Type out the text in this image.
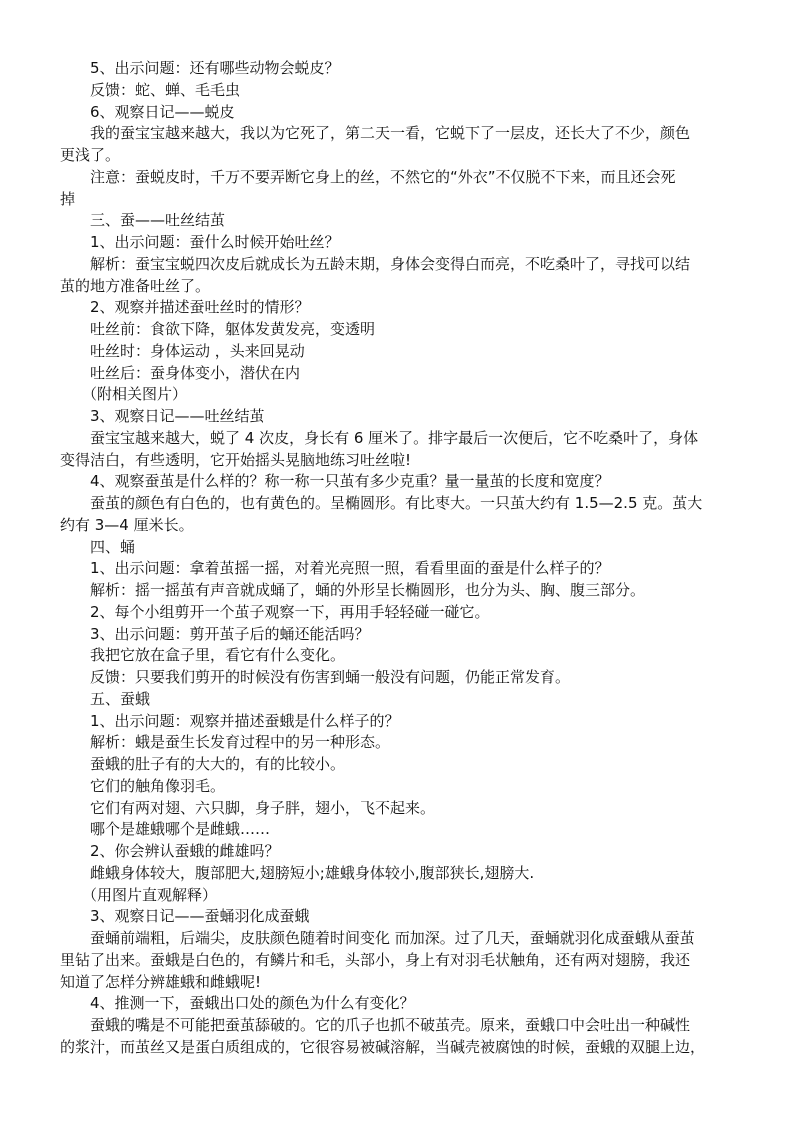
5、出示问题：还有哪些动物会蜕皮？
反馈：蛇、蝉、毛毛虫
6、观察日记——蜕皮
我的蚕宝宝越来越大，我以为它死了，第二天一看，它蜕下了一层皮，还长大了不少，颜色
更浅了。
注意：蚕蜕皮时，千万不要弄断它身上的丝，不然它的“外衣”不仅脱不下来，而且还会死
掉
三、蚕——吐丝结茧
1、出示问题：蚕什么时候开始吐丝？
解析：蚕宝宝蜕四次皮后就成长为五龄末期，身体会变得白而亮，不吃桑叶了，寻找可以结
茧的地方准备吐丝了。
2、观察并描述蚕吐丝时的情形？
吐丝前：食欲下降，躯体发黄发亮，变透明
吐丝时：身体运动 ，头来回晃动
吐丝后：蚕身体变小，潜伏在内
（附相关图片）
3、观察日记——吐丝结茧
蚕宝宝越来越大，蜕了 4 次皮，身长有 6 厘米了。排字最后一次便后，它不吃桑叶了，身体
变得洁白，有些透明，它开始摇头晃脑地练习吐丝啦!
4、观察蚕茧是什么样的？称一称一只茧有多少克重？量一量茧的长度和宽度？
蚕茧的颜色有白色的，也有黄色的。呈椭圆形。有比枣大。一只茧大约有 1.5—2.5 克。茧大
约有 3—4 厘米长。
四、蛹
1、出示问题：拿着茧摇一摇，对着光亮照一照，看看里面的蚕是什么样子的？
解析：摇一摇茧有声音就成蛹了，蛹的外形呈长椭圆形，也分为头、胸、腹三部分。
2、每个小组剪开一个茧子观察一下，再用手轻轻碰一碰它。
3、出示问题：剪开茧子后的蛹还能活吗？
我把它放在盒子里，看它有什么变化。
反馈：只要我们剪开的时候没有伤害到蛹一般没有问题，仍能正常发育。
五、蚕蛾
1、出示问题：观察并描述蚕蛾是什么样子的？
解析：蛾是蚕生长发育过程中的另一种形态。
蚕蛾的肚子有的大大的，有的比较小。
它们的触角像羽毛。
它们有两对翅、六只脚，身子胖，翅小，飞不起来。
哪个是雄蛾哪个是雌蛾……
2、你会辨认蚕蛾的雌雄吗？
雌蛾身体较大，腹部肥大,翅膀短小;雄蛾身体较小,腹部狭长,翅膀大.
（用图片直观解释）
3、观察日记——蚕蛹羽化成蚕蛾
蚕蛹前端粗，后端尖，皮肤颜色随着时间变化 而加深。过了几天，蚕蛹就羽化成蚕蛾从蚕茧
里钻了出来。蚕蛾是白色的，有鳞片和毛，头部小，身上有对羽毛状触角，还有两对翅膀，我还
知道了怎样分辨雄蛾和雌蛾呢!
4、推测一下，蚕蛾出口处的颜色为什么有变化？
蚕蛾的嘴是不可能把蚕茧舔破的。它的爪子也抓不破茧壳。原来，蚕蛾口中会吐出一种碱性
的浆汁，而茧丝又是蛋白质组成的，它很容易被碱溶解，当碱壳被腐蚀的时候，蚕蛾的双腿上边，
